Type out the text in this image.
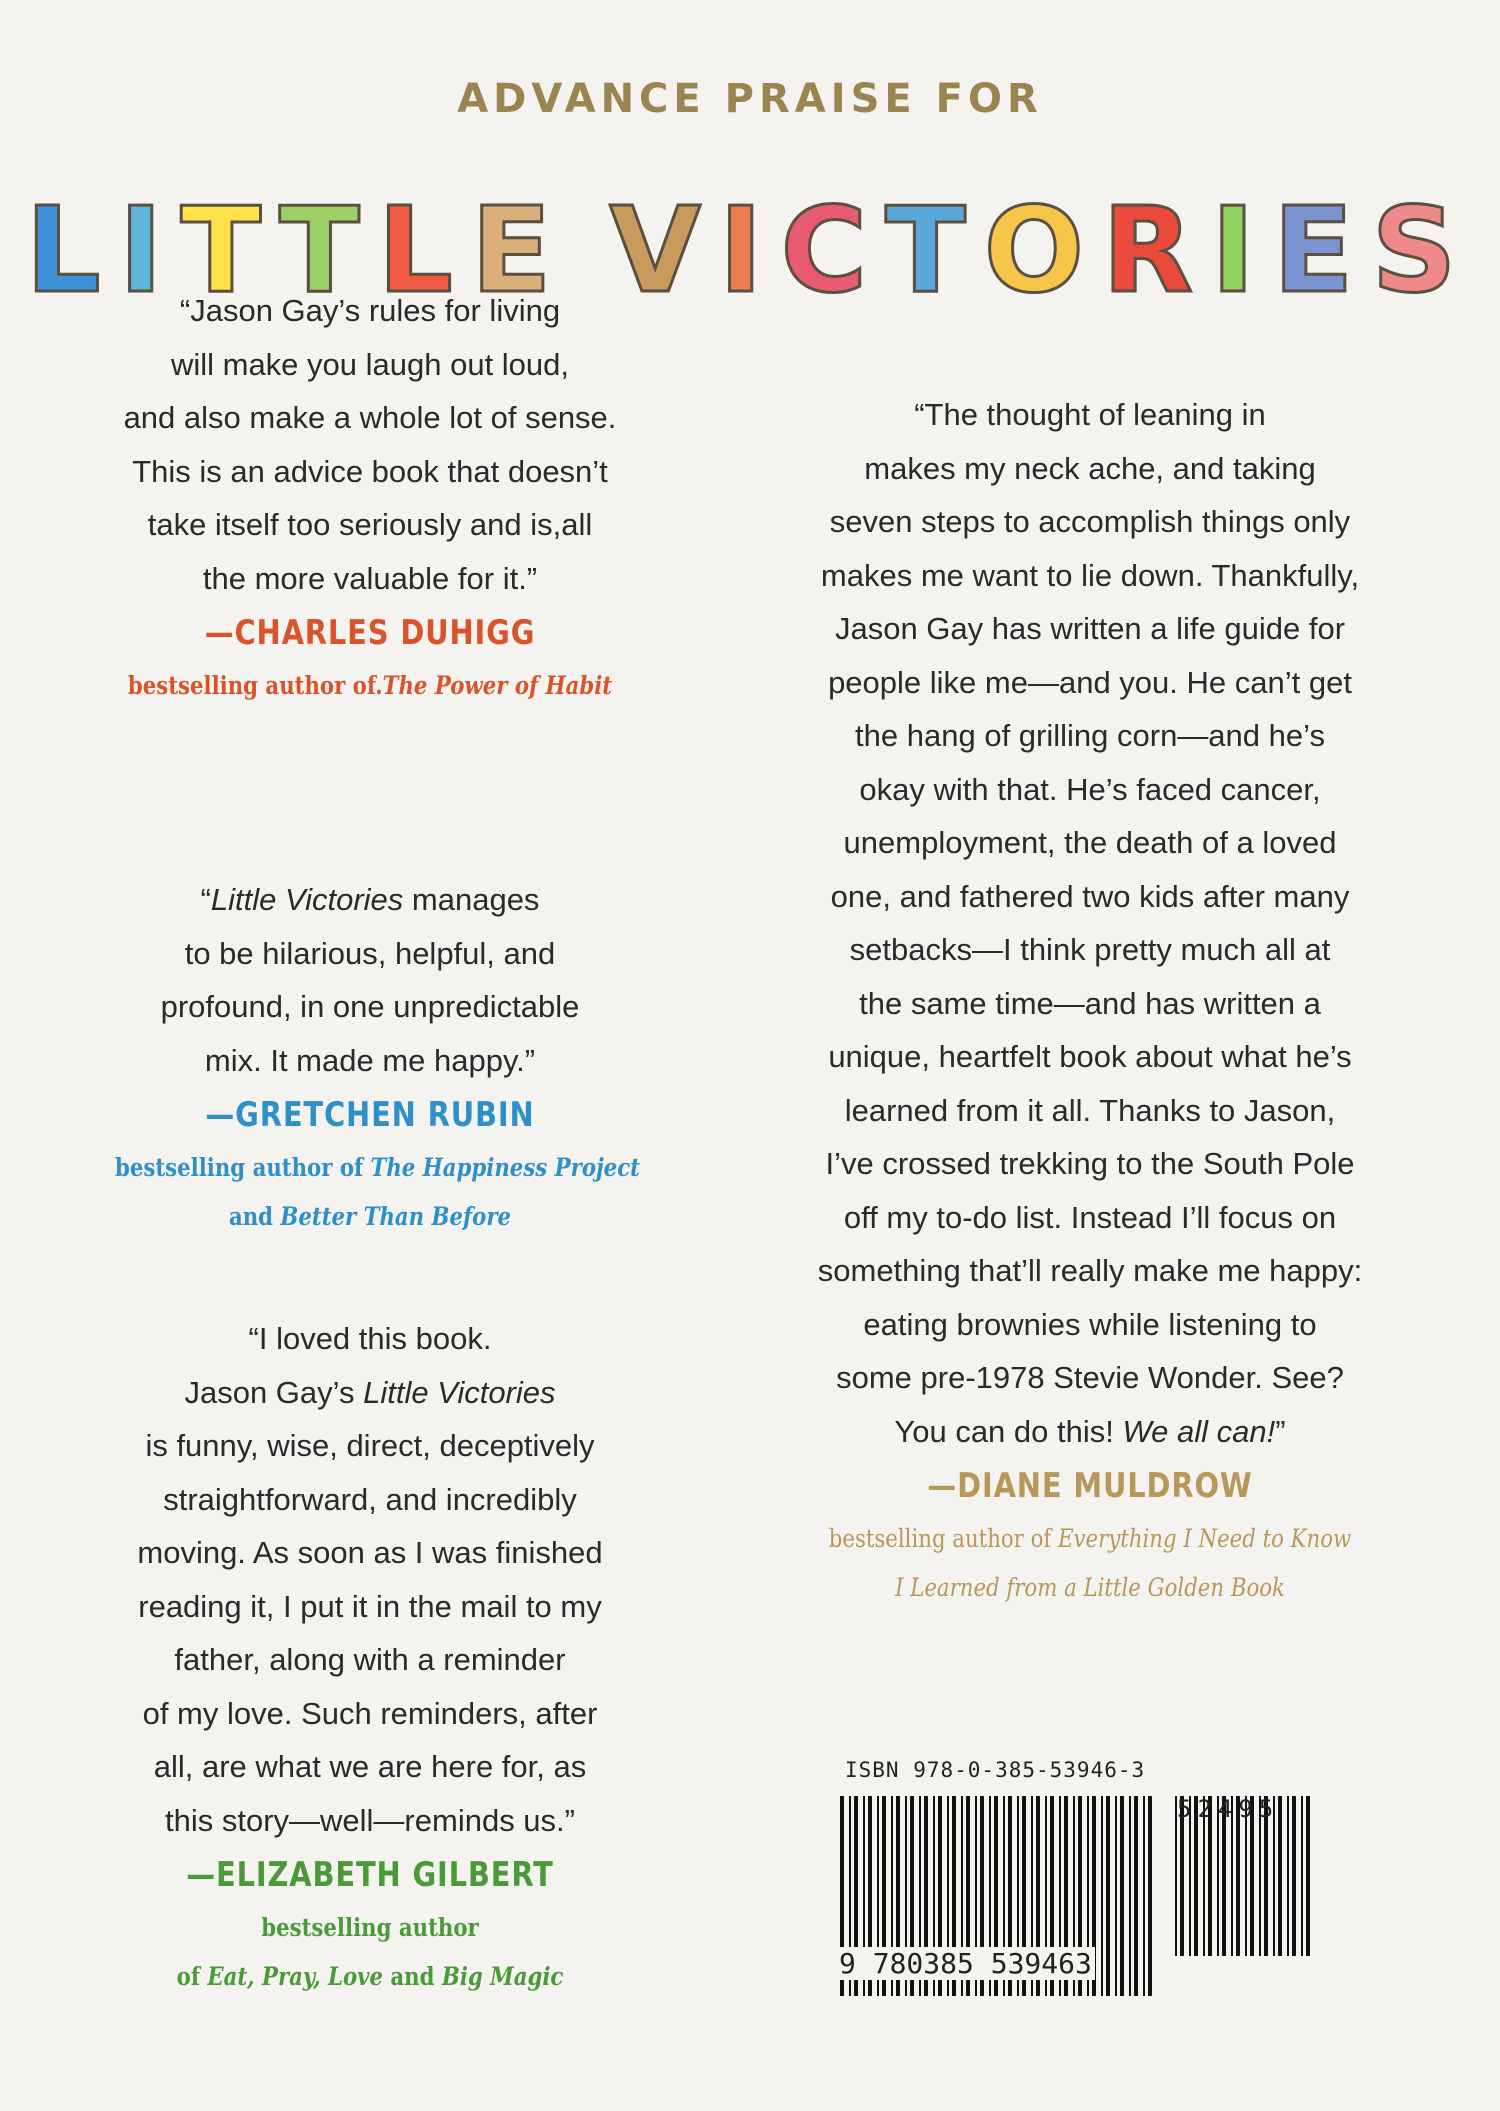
ADVANCE PRAISE FOR
LITTLE VICTORIES
“Jason Gay’s rules for living
will make you laugh out loud,
and also make a whole lot of sense.
This is an advice book that doesn’t
take itself too seriously and is,all
the more valuable for it.”
—CHARLES DUHIGG
bestselling author of.The Power of Habit
“Little Victories manages
to be hilarious, helpful, and
profound, in one unpredictable
mix. It made me happy.”
—GRETCHEN RUBIN
bestselling author of The Happiness Project
and Better Than Before
“I loved this book.
Jason Gay’s Little Victories
is funny, wise, direct, deceptively
straightforward, and incredibly
moving. As soon as I was finished
reading it, I put it in the mail to my
father, along with a reminder
of my love. Such reminders, after
all, are what we are here for, as
this story—well—reminds us.”
—ELIZABETH GILBERT
bestselling author
of Eat, Pray, Love and Big Magic
“The thought of leaning in
makes my neck ache, and taking
seven steps to accomplish things only
makes me want to lie down. Thankfully,
Jason Gay has written a life guide for
people like me—and you. He can’t get
the hang of grilling corn—and he’s
okay with that. He’s faced cancer,
unemployment, the death of a loved
one, and fathered two kids after many
setbacks—I think pretty much all at
the same time—and has written a
unique, heartfelt book about what he’s
learned from it all. Thanks to Jason,
I’ve crossed trekking to the South Pole
off my to-do list. Instead I’ll focus on
something that’ll really make me happy:
eating brownies while listening to
some pre-1978 Stevie Wonder. See?
You can do this! We all can!”
—DIANE MULDROW
bestselling author of Everything I Need to Know
I Learned from a Little Golden Book
ISBN 978-0-385-53946-3
52495
9 780385 539463
